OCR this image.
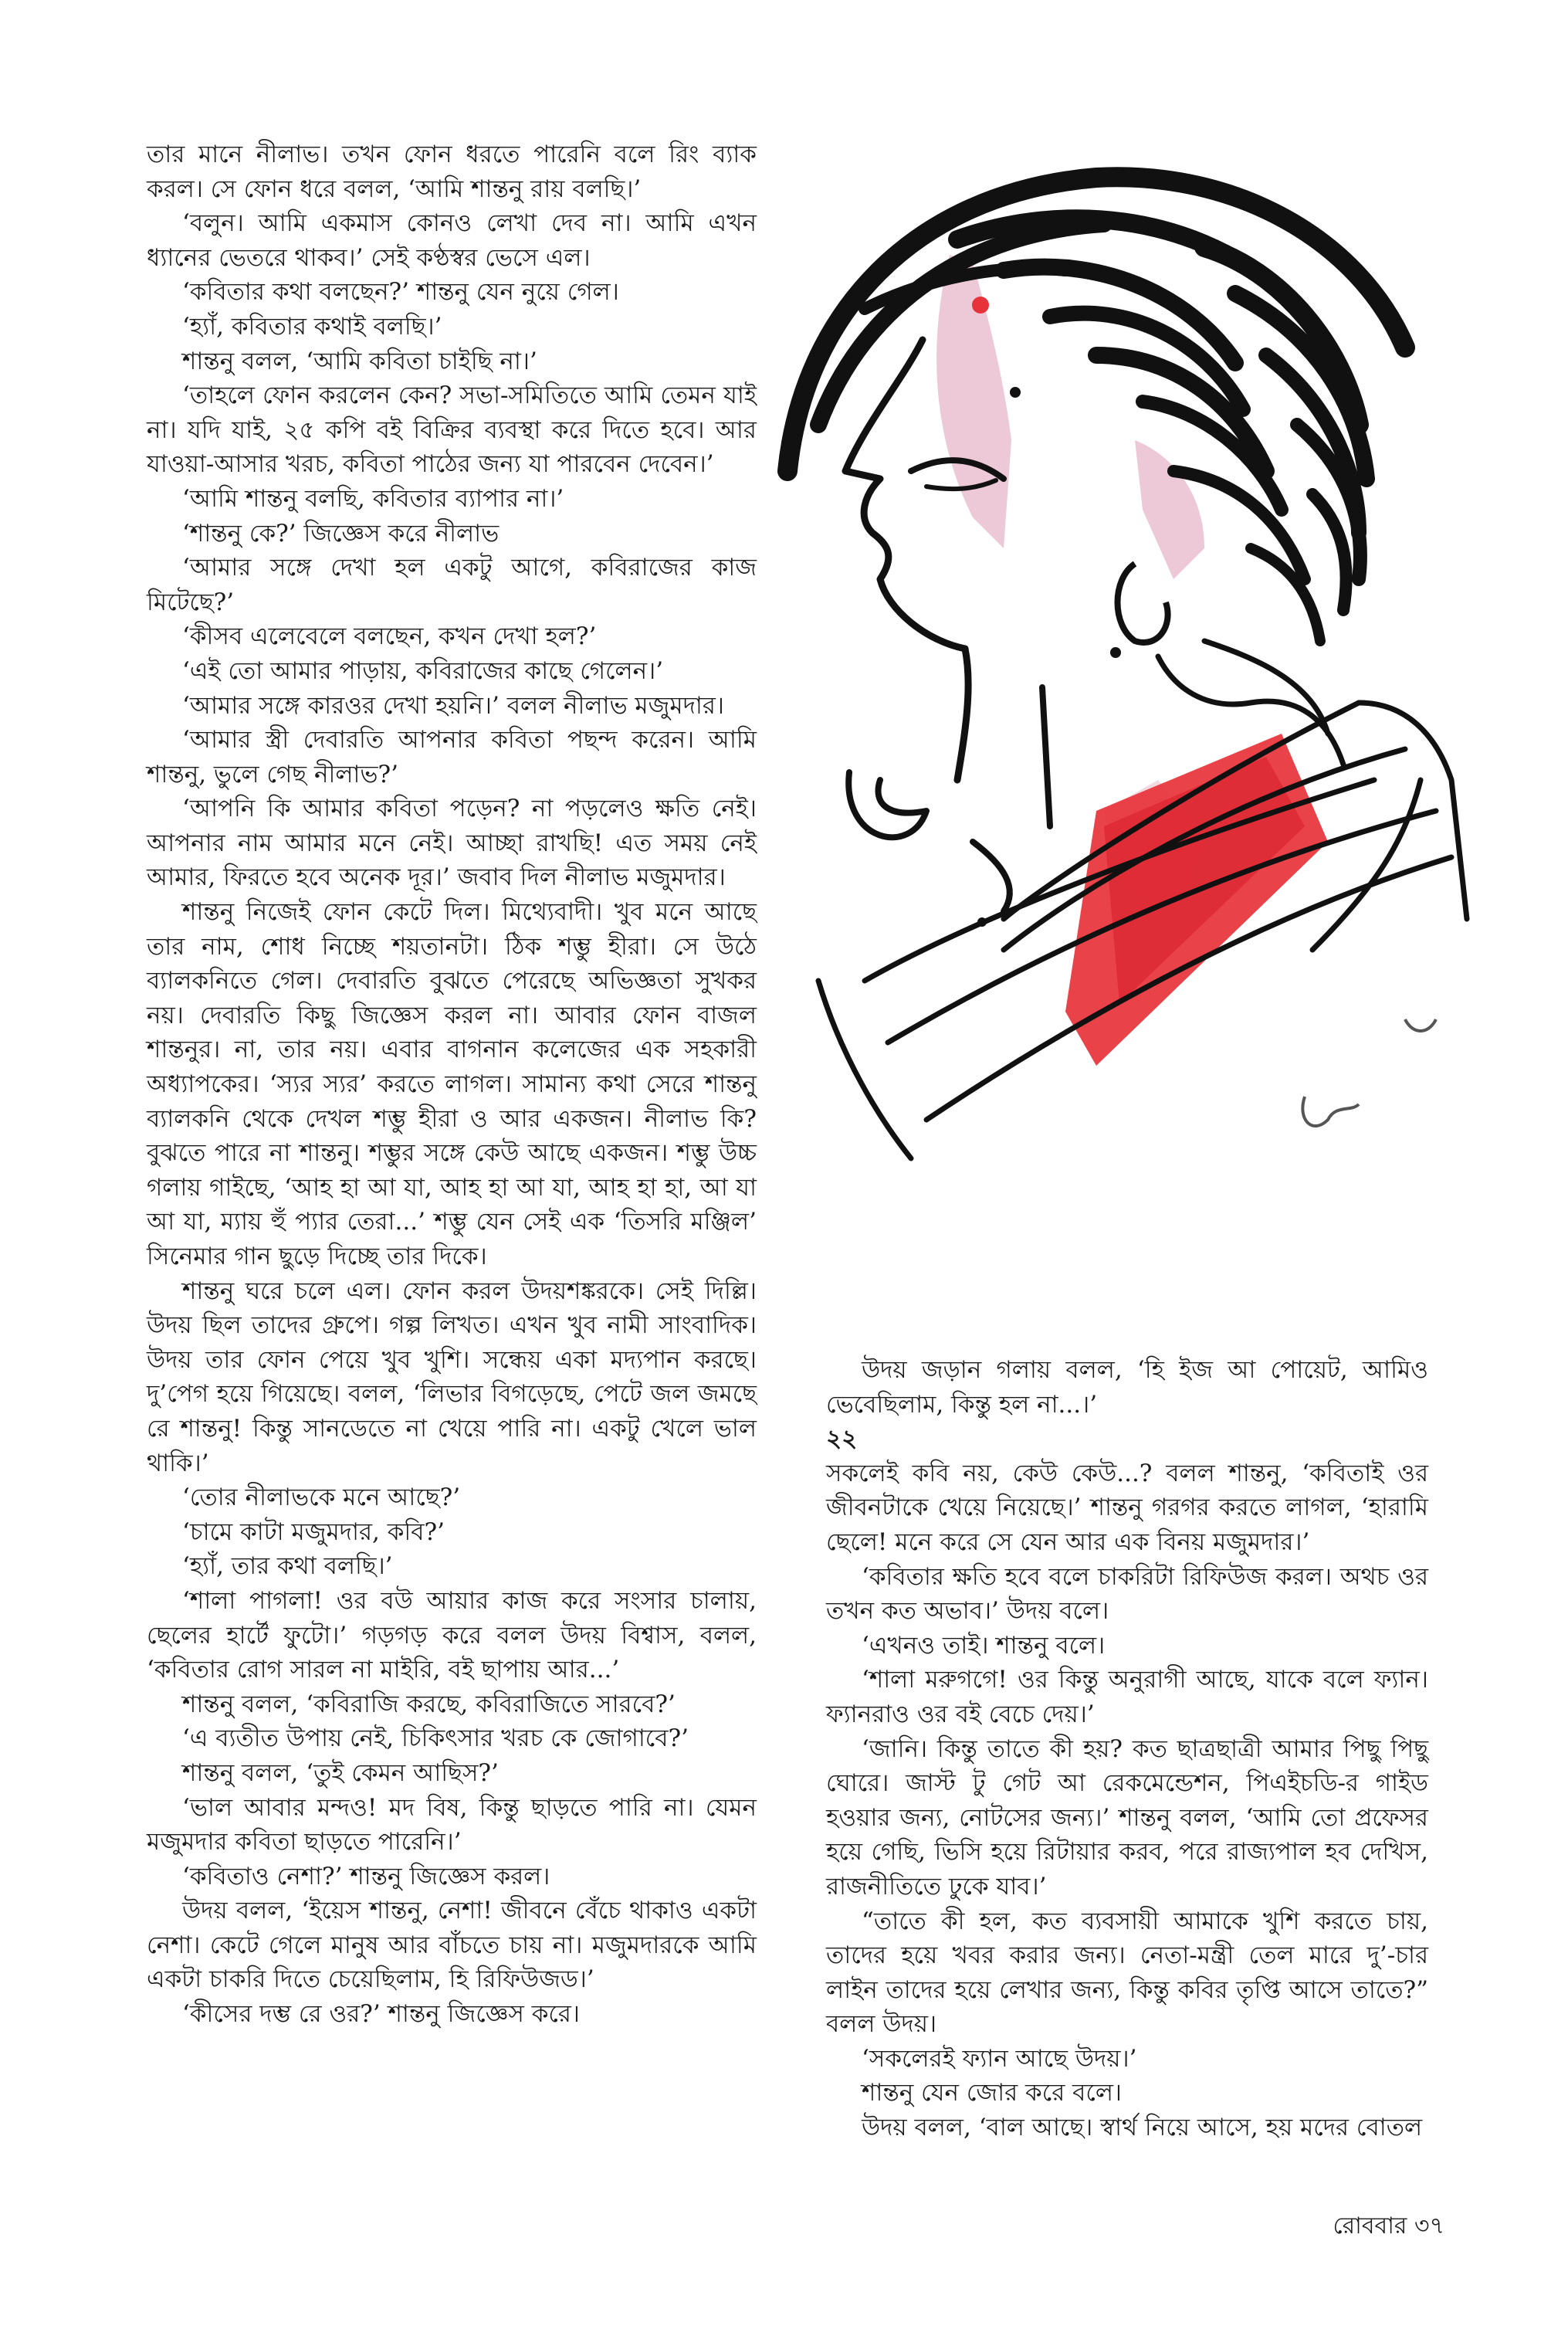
তার মানে নীলাভ। তখন ফোন ধরতে পারেনি বলে রিং ব্যাক করল। সে ফোন ধরে বলল, ‘আমি শান্তনু রায় বলছি।’

‘বলুন। আমি একমাস কোনও লেখা দেব না। আমি এখন ধ্যানের ভেতরে থাকব।’ সেই কণ্ঠস্বর ভেসে এল।

‘কবিতার কথা বলছেন?’ শান্তনু যেন নুয়ে গেল।

‘হ্যাঁ, কবিতার কথাই বলছি।’

শান্তনু বলল, ‘আমি কবিতা চাইছি না।’

‘তাহলে ফোন করলেন কেন? সভা-সমিতিতে আমি তেমন যাই না। যদি যাই, ২৫ কপি বই বিক্রির ব্যবস্থা করে দিতে হবে। আর যাওয়া-আসার খরচ, কবিতা পাঠের জন্য যা পারবেন দেবেন।’

‘আমি শান্তনু বলছি, কবিতার ব্যাপার না।’

‘শান্তনু কে?’ জিজ্ঞেস করে নীলাভ

‘আমার সঙ্গে দেখা হল একটু আগে, কবিরাজের কাজ মিটেছে?’

‘কীসব এলেবেলে বলছেন, কখন দেখা হল?’

‘এই তো আমার পাড়ায়, কবিরাজের কাছে গেলেন।’

‘আমার সঙ্গে কারওর দেখা হয়নি।’ বলল নীলাভ মজুমদার।

‘আমার স্ত্রী দেবারতি আপনার কবিতা পছন্দ করেন। আমি শান্তনু, ভুলে গেছ নীলাভ?’

‘আপনি কি আমার কবিতা পড়েন? না পড়লেও ক্ষতি নেই। আপনার নাম আমার মনে নেই। আচ্ছা রাখছি! এত সময় নেই আমার, ফিরতে হবে অনেক দূর।’ জবাব দিল নীলাভ মজুমদার।

শান্তনু নিজেই ফোন কেটে দিল। মিথ্যেবাদী। খুব মনে আছে তার নাম, শোধ নিচ্ছে শয়তানটা। ঠিক শম্ভু হীরা। সে উঠে ব্যালকনিতে গেল। দেবারতি বুঝতে পেরেছে অভিজ্ঞতা সুখকর নয়। দেবারতি কিছু জিজ্ঞেস করল না। আবার ফোন বাজল শান্তনুর। না, তার নয়। এবার বাগনান কলেজের এক সহকারী অধ্যাপকের। ‘স্যর স্যর’ করতে লাগল। সামান্য কথা সেরে শান্তনু ব্যালকনি থেকে দেখল শম্ভু হীরা ও আর একজন। নীলাভ কি? বুঝতে পারে না শান্তনু। শম্ভুর সঙ্গে কেউ আছে একজন। শম্ভু উচ্চ গলায় গাইছে, ‘আহ হা আ যা, আহ হা আ যা, আহ হা হা, আ যা আ যা, ম্যায় হুঁ প্যার তেরা...’ শম্ভু যেন সেই এক ‘তিসরি মঞ্জিল’ সিনেমার গান ছুড়ে দিচ্ছে তার দিকে।

শান্তনু ঘরে চলে এল। ফোন করল উদয়শঙ্করকে। সেই দিল্লি। উদয় ছিল তাদের গ্রুপে। গল্প লিখত। এখন খুব নামী সাংবাদিক। উদয় তার ফোন পেয়ে খুব খুশি। সন্ধেয় একা মদ্যপান করছে। দু’পেগ হয়ে গিয়েছে। বলল, ‘লিভার বিগড়েছে, পেটে জল জমছে রে শান্তনু! কিন্তু সানডেতে না খেয়ে পারি না। একটু খেলে ভাল থাকি।’

‘তোর নীলাভকে মনে আছে?’

‘চামে কাটা মজুমদার, কবি?’

‘হ্যাঁ, তার কথা বলছি।’

‘শালা পাগলা! ওর বউ আয়ার কাজ করে সংসার চালায়, ছেলের হার্টে ফুটো।’ গড়গড় করে বলল উদয় বিশ্বাস, বলল, ‘কবিতার রোগ সারল না মাইরি, বই ছাপায় আর...’

শান্তনু বলল, ‘কবিরাজি করছে, কবিরাজিতে সারবে?’

‘এ ব্যতীত উপায় নেই, চিকিৎসার খরচ কে জোগাবে?’

শান্তনু বলল, ‘তুই কেমন আছিস?’

‘ভাল আবার মন্দও! মদ বিষ, কিন্তু ছাড়তে পারি না। যেমন মজুমদার কবিতা ছাড়তে পারেনি।’

‘কবিতাও নেশা?’ শান্তনু জিজ্ঞেস করল।

উদয় বলল, ‘ইয়েস শান্তনু, নেশা! জীবনে বেঁচে থাকাও একটা নেশা। কেটে গেলে মানুষ আর বাঁচতে চায় না। মজুমদারকে আমি একটা চাকরি দিতে চেয়েছিলাম, হি রিফিউজড।’

‘কীসের দম্ভ রে ওর?’ শান্তনু জিজ্ঞেস করে।

উদয় জড়ান গলায় বলল, ‘হি ইজ আ পোয়েট, আমিও ভেবেছিলাম, কিন্তু হল না...।’

২২

সকলেই কবি নয়, কেউ কেউ...? বলল শান্তনু, ‘কবিতাই ওর জীবনটাকে খেয়ে নিয়েছে।’ শান্তনু গরগর করতে লাগল, ‘হারামি ছেলে! মনে করে সে যেন আর এক বিনয় মজুমদার।’

‘কবিতার ক্ষতি হবে বলে চাকরিটা রিফিউজ করল। অথচ ওর তখন কত অভাব।’ উদয় বলে।

‘এখনও তাই। শান্তনু বলে।

‘শালা মরুগগে! ওর কিন্তু অনুরাগী আছে, যাকে বলে ফ্যান। ফ্যানরাও ওর বই বেচে দেয়।’

‘জানি। কিন্তু তাতে কী হয়? কত ছাত্রছাত্রী আমার পিছু পিছু ঘোরে। জাস্ট টু গেট আ রেকমেন্ডেশন, পিএইচডি-র গাইড হওয়ার জন্য, নোটসের জন্য।’ শান্তনু বলল, ‘আমি তো প্রফেসর হয়ে গেছি, ভিসি হয়ে রিটায়ার করব, পরে রাজ্যপাল হব দেখিস, রাজনীতিতে ঢুকে যাব।’

“তাতে কী হল, কত ব্যবসায়ী আমাকে খুশি করতে চায়, তাদের হয়ে খবর করার জন্য। নেতা-মন্ত্রী তেল মারে দু’-চার লাইন তাদের হয়ে লেখার জন্য, কিন্তু কবির তৃপ্তি আসে তাতে?” বলল উদয়।

‘সকলেরই ফ্যান আছে উদয়।’

শান্তনু যেন জোর করে বলে।

উদয় বলল, ‘বাল আছে। স্বার্থ নিয়ে আসে, হয় মদের বোতল

রোববার ৩৭
